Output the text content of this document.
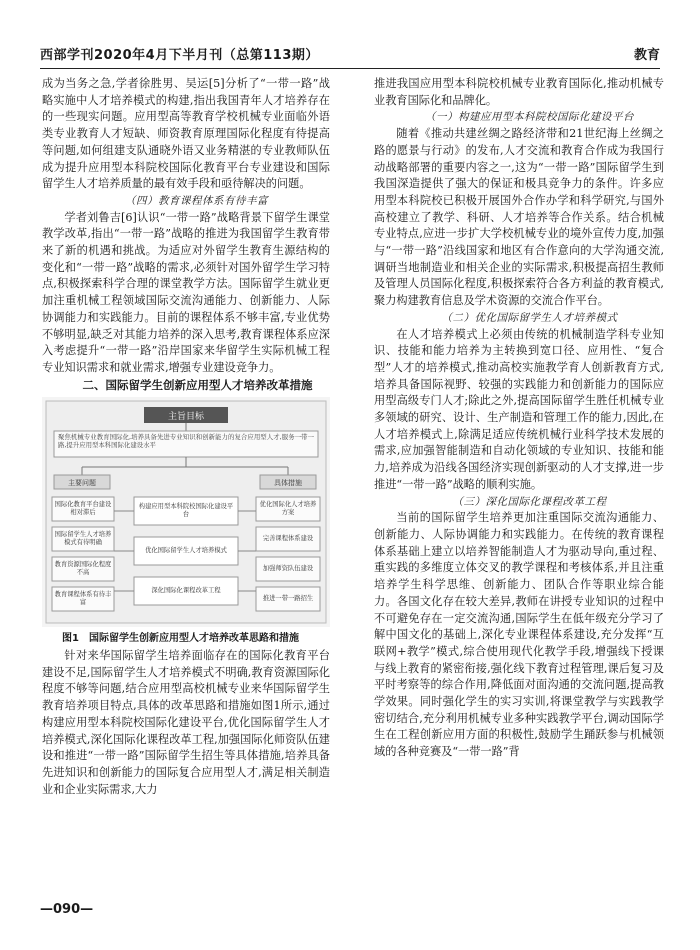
西部学刊2020年4月下半月刊（总第113期）	教育

成为当务之急,学者徐胜男、吴运[5]分析了“一带一路”战略实施中人才培养模式的构建,指出我国青年人才培养存在的一些现实问题。应用型高等教育学校机械专业面临外语类专业教育人才短缺、师资教育原理国际化程度有待提高等问题,如何组建支队通晓外语又业务精湛的专业教师队伍成为提升应用型本科院校国际化教育平台专业建设和国际留学生人才培养质量的最有效手段和亟待解决的问题。

（四）教育课程体系有待丰富

学者刘鲁吉[6]认识“一带一路”战略背景下留学生课堂教学改革,指出“一带一路”战略的推进为我国留学生教育带来了新的机遇和挑战。为适应对外留学生教育生源结构的变化和“一带一路”战略的需求,必须针对国外留学生学习特点,积极探索科学合理的课堂教学方法。国际留学生就业更加注重机械工程领域国际交流沟通能力、创新能力、人际协调能力和实践能力。目前的课程体系不够丰富,专业优势不够明显,缺乏对其能力培养的深入思考,教育课程体系应深入考虑提升“一带一路”沿岸国家来华留学生实际机械工程专业知识需求和就业需求,增强专业建设竞争力。

二、国际留学生创新应用型人才培养改革措施

主旨目标
聚焦机械专业教育国际化,培养具备先进专业知识和创新能力的复合应用型人才,服务一带一路,提升应用型本科国际化建设水平
主要问题	具体措施
国际化教育平台建设相对滞后
国际留学生人才培养模式有待明确
教育资源国际化程度不高
教育课程体系有待丰富
构建应用型本科院校国际化建设平台
优化国际留学生人才培养模式
深化国际化课程改革工程
优化国际化人才培养方案
完善课程体系建设
加强师资队伍建设
推进一带一路招生

图1　国际留学生创新应用型人才培养改革思路和措施

针对来华国际留学生培养面临存在的国际化教育平台建设不足,国际留学生人才培养模式不明确,教育资源国际化程度不够等问题,结合应用型高校机械专业来华国际留学生教育培养项目特点,具体的改革思路和措施如图1所示,通过构建应用型本科院校国际化建设平台,优化国际留学生人才培养模式,深化国际化课程改革工程,加强国际化师资队伍建设和推进“一带一路”国际留学生招生等具体措施,培养具备先进知识和创新能力的国际复合应用型人才,满足相关制造业和企业实际需求,大力

推进我国应用型本科院校机械专业教育国际化,推动机械专业教育国际化和品牌化。

（一）构建应用型本科院校国际化建设平台

随着《推动共建丝绸之路经济带和21世纪海上丝绸之路的愿景与行动》的发布,人才交流和教育合作成为我国行动战略部署的重要内容之一,这为“一带一路”国际留学生到我国深造提供了强大的保证和极具竞争力的条件。许多应用型本科院校已积极开展国外合作办学和科学研究,与国外高校建立了教学、科研、人才培养等合作关系。结合机械专业特点,应进一步扩大学校机械专业的境外宣传力度,加强与“一带一路”沿线国家和地区有合作意向的大学沟通交流,调研当地制造业和相关企业的实际需求,积极提高招生教师及管理人员国际化程度,积极探索符合各方利益的教育模式,聚力构建教育信息及学术资源的交流合作平台。

（二）优化国际留学生人才培养模式

在人才培养模式上必须由传统的机械制造学科专业知识、技能和能力培养为主转换到宽口径、应用性、“复合型”人才的培养模式,推动高校实施教学育人创新教育方式,培养具备国际视野、较强的实践能力和创新能力的国际应用型高级专门人才;除此之外,提高国际留学生胜任机械专业多领域的研究、设计、生产制造和管理工作的能力,因此,在人才培养模式上,除满足适应传统机械行业科学技术发展的需求,应加强智能制造和自动化领域的专业知识、技能和能力,培养成为沿线各国经济实现创新驱动的人才支撑,进一步推进“一带一路”战略的顺利实施。

（三）深化国际化课程改革工程

当前的国际留学生培养更加注重国际交流沟通能力、创新能力、人际协调能力和实践能力。在传统的教育课程体系基础上建立以培养智能制造人才为驱动导向,重过程、重实践的多维度立体交叉的教学课程和考核体系,并且注重培养学生科学思维、创新能力、团队合作等职业综合能力。各国文化存在较大差异,教师在讲授专业知识的过程中不可避免存在一定交流沟通,国际学生在低年级充分学习了解中国文化的基础上,深化专业课程体系建设,充分发挥“互联网+教学”模式,综合使用现代化教学手段,增强线下授课与线上教育的紧密衔接,强化线下教育过程管理,课后复习及平时考察等的综合作用,降低面对面沟通的交流问题,提高教学效果。同时强化学生的实习实训,将课堂教学与实践教学密切结合,充分利用机械专业多种实践教学平台,调动国际学生在工程创新应用方面的积极性,鼓励学生踊跃参与机械领域的各种竞赛及“一带一路”背

—090—
